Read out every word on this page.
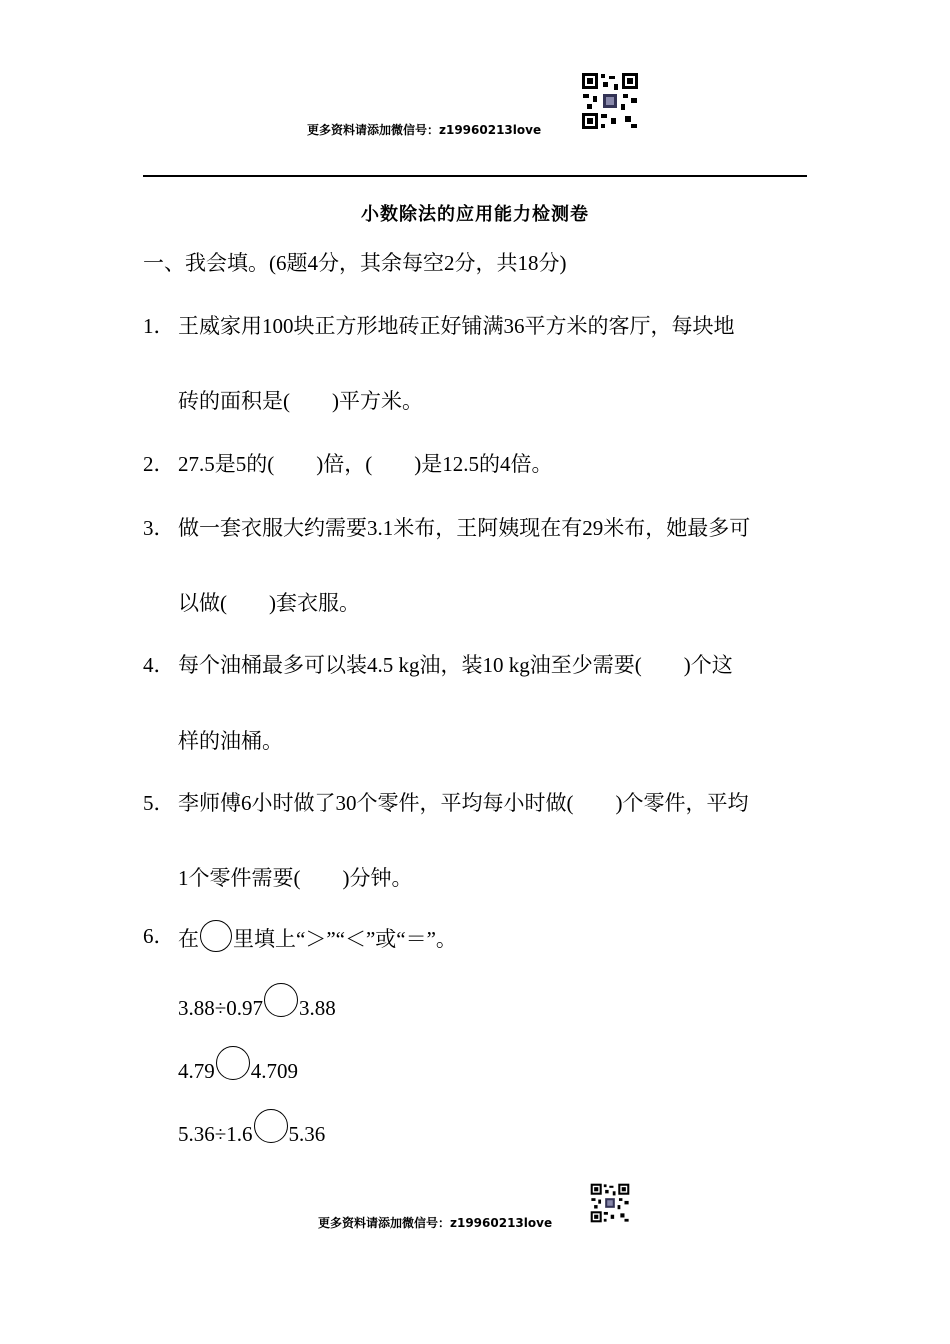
更多资料请添加微信号：z19960213love
小数除法的应用能力检测卷
一、我会填。(6题4分，其余每空2分，共18分)
1． 王威家用100块正方形地砖正好铺满36平方米的客厅，每块地
砖的面积是(　　)平方米。
2． 27.5是5的(　　)倍，(　　)是12.5的4倍。
3． 做一套衣服大约需要3.1米布，王阿姨现在有29米布，她最多可
以做(　　)套衣服。
4． 每个油桶最多可以装4.5 kg油，装10 kg油至少需要(　　)个这
样的油桶。
5． 李师傅6小时做了30个零件，平均每小时做(　　)个零件，平均
1个零件需要(　　)分钟。
6． 在 里填上“＞”“＜”或“＝”。
3.88÷0.97 3.88
4.79 4.709
5.36÷1.6 5.36
更多资料请添加微信号：z19960213love
